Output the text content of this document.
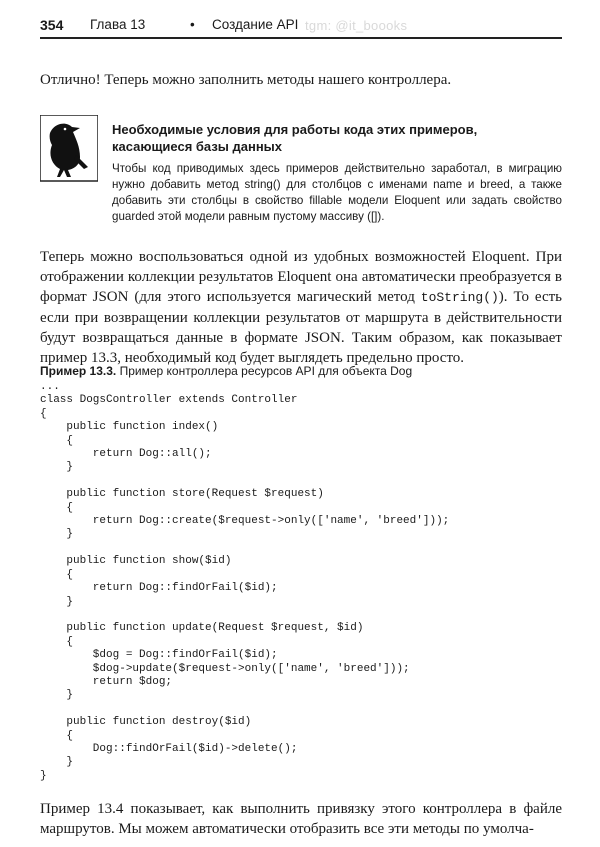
354 Глава 13	• Создание API tgm: @it_boooks

Отлично! Теперь можно заполнить методы нашего контроллера.

Необходимые условия для работы кода этих примеров,
касающиеся базы данных
Чтобы код приводимых здесь примеров действительно заработал, в миграцию нужно добавить метод string() для столбцов с именами name и breed, а также добавить эти столбцы в свойство fillable модели Eloquent или задать свойство guarded этой модели равным пустому массиву ([]).

Теперь можно воспользоваться одной из удобных возможностей Eloquent. При отображении коллекции результатов Eloquent она автоматически преобразуется в формат JSON (для этого используется магический метод toString()). То есть если при возвращении коллекции результатов от маршрута в действительности будут возвращаться данные в формате JSON. Таким образом, как показывает пример 13.3, необходимый код будет выглядеть предельно просто.

Пример 13.3. Пример контроллера ресурсов API для объекта Dog
...
class DogsController extends Controller
{
public function index()
{
return Dog::all();
}

public function store(Request $request)
{
return Dog::create($request->only(['name', 'breed']));
}

public function show($id)
{
return Dog::findOrFail($id);
}

public function update(Request $request, $id)
{
$dog = Dog::findOrFail($id);
$dog->update($request->only(['name', 'breed']));
return $dog;
}

public function destroy($id)
{
Dog::findOrFail($id)->delete();
}
}

Пример 13.4 показывает, как выполнить привязку этого контроллера в файле маршрутов. Мы можем автоматически отобразить все эти методы по умолча-
